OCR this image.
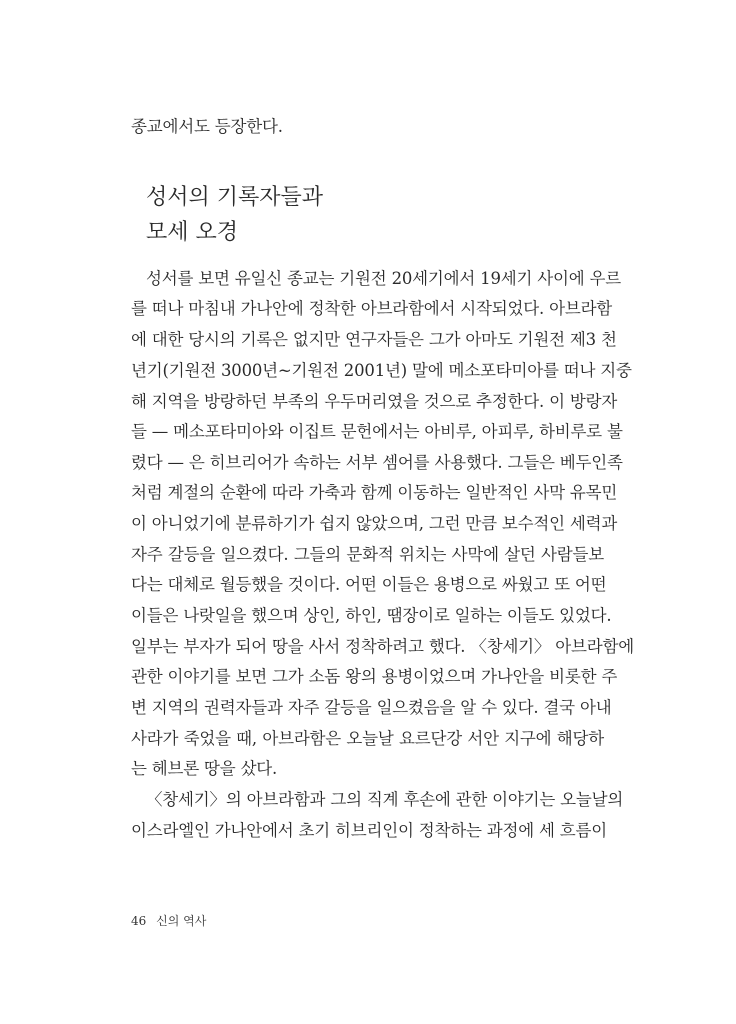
종교에서도 등장한다.
성서의 기록자들과
모세 오경
성서를 보면 유일신 종교는 기원전 20세기에서 19세기 사이에 우르
를 떠나 마침내 가나안에 정착한 아브라함에서 시작되었다. 아브라함
에 대한 당시의 기록은 없지만 연구자들은 그가 아마도 기원전 제3 천
년기(기원전 3000년~기원전 2001년) 말에 메소포타미아를 떠나 지중
해 지역을 방랑하던 부족의 우두머리였을 것으로 추정한다. 이 방랑자
들 — 메소포타미아와 이집트 문헌에서는 아비루, 아피루, 하비루로 불
렸다 — 은 히브리어가 속하는 서부 셈어를 사용했다. 그들은 베두인족
처럼 계절의 순환에 따라 가축과 함께 이동하는 일반적인 사막 유목민
이 아니었기에 분류하기가 쉽지 않았으며, 그런 만큼 보수적인 세력과
자주 갈등을 일으켰다. 그들의 문화적 위치는 사막에 살던 사람들보
다는 대체로 월등했을 것이다. 어떤 이들은 용병으로 싸웠고 또 어떤
이들은 나랏일을 했으며 상인, 하인, 땜장이로 일하는 이들도 있었다.
일부는 부자가 되어 땅을 사서 정착하려고 했다. 〈창세기〉 아브라함에
관한 이야기를 보면 그가 소돔 왕의 용병이었으며 가나안을 비롯한 주
변 지역의 권력자들과 자주 갈등을 일으켰음을 알 수 있다. 결국 아내
사라가 죽었을 때, 아브라함은 오늘날 요르단강 서안 지구에 해당하
는 헤브론 땅을 샀다.
〈창세기〉의 아브라함과 그의 직계 후손에 관한 이야기는 오늘날의
이스라엘인 가나안에서 초기 히브리인이 정착하는 과정에 세 흐름이
46 신의 역사
